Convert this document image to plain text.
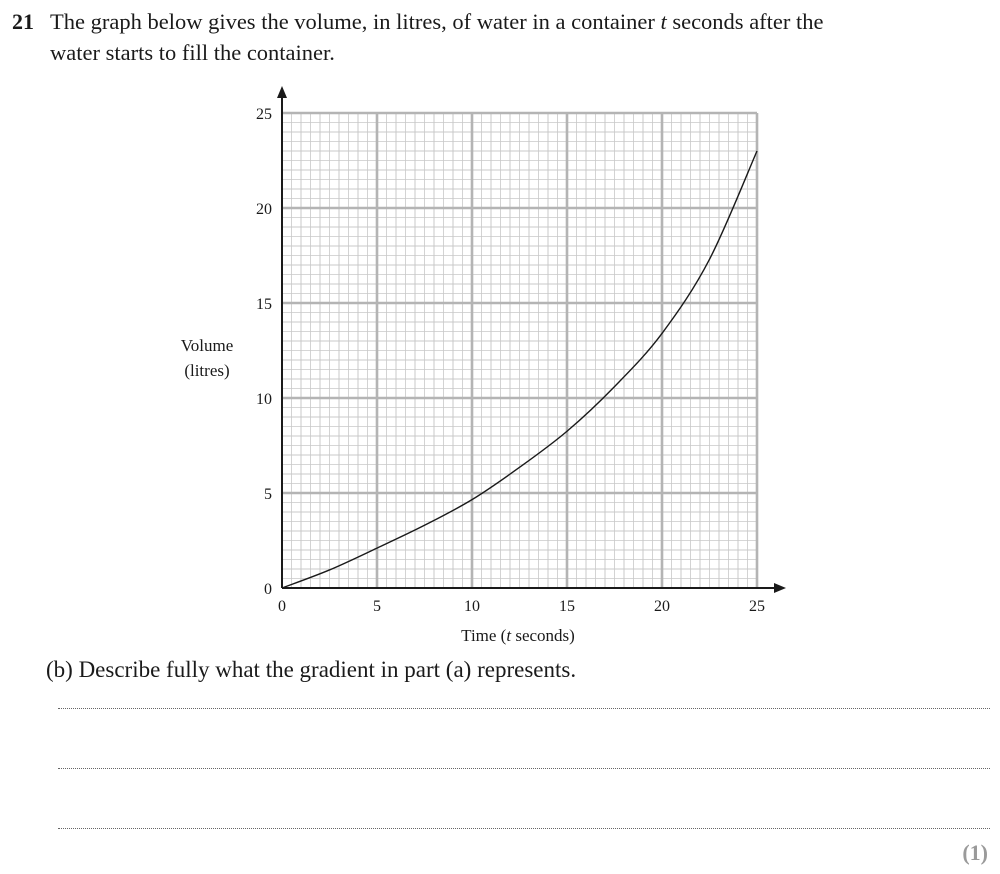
21 The graph below gives the volume, in litres, of water in a container t seconds after the
water starts to fill the container.
0	5	10	15	20	25
0
5
10
15
20
25
Volume
(litres)
Time (t seconds)
(b) Describe fully what the gradient in part (a) represents.
(1)
